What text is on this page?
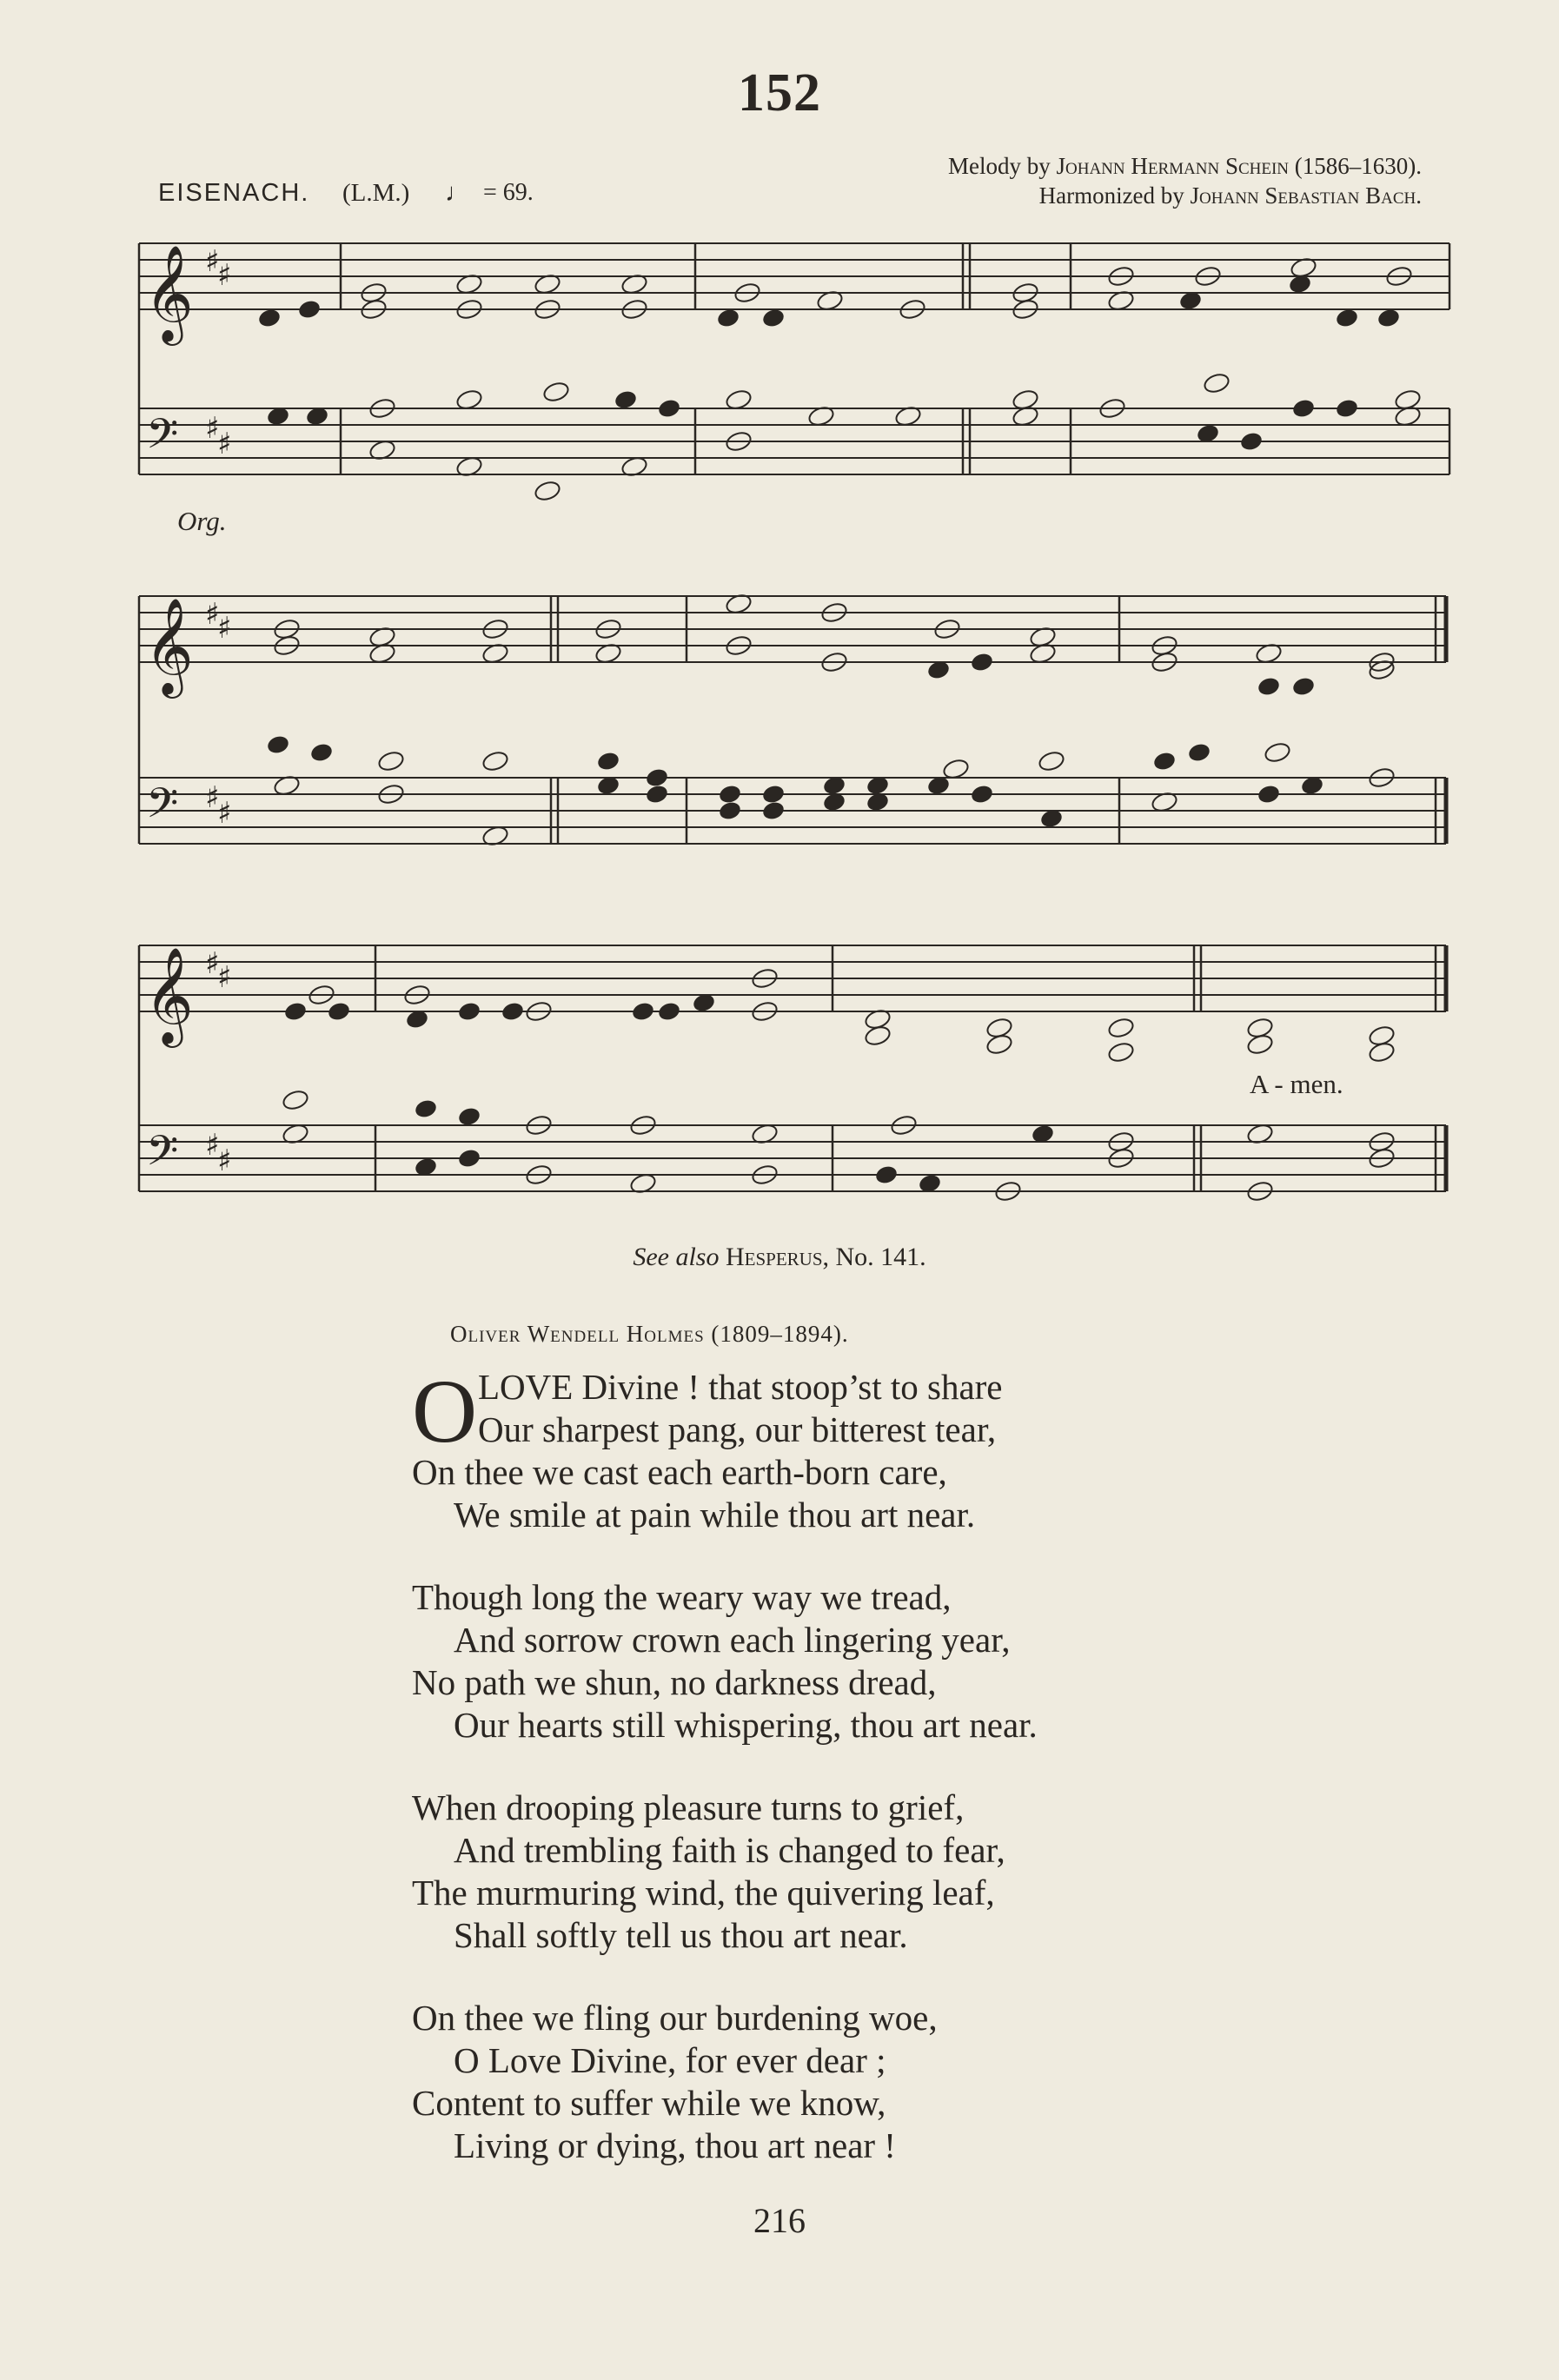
152
EISENACH. (L.M.) ♩ = 69.
Melody by Johann Hermann Schein (1586–1630).
Harmonized by Johann Sebastian Bach.
𝄞
𝄢
♯
♯
♯
♯
𝄞
𝄢
♯
♯
♯
♯
𝄞
𝄢
♯
♯
♯
♯
Org.
A - men.
See also Hesperus, No. 141.
Oliver Wendell Holmes (1809–1894).
O LOVE Divine ! that stoop’st to share
Our sharpest pang, our bitterest tear,
On thee we cast each earth-born care,
We smile at pain while thou art near.
Though long the weary way we tread,
And sorrow crown each lingering year,
No path we shun, no darkness dread,
Our hearts still whispering, thou art near.
When drooping pleasure turns to grief,
And trembling faith is changed to fear,
The murmuring wind, the quivering leaf,
Shall softly tell us thou art near.
On thee we fling our burdening woe,
O Love Divine, for ever dear ;
Content to suffer while we know,
Living or dying, thou art near !
216
